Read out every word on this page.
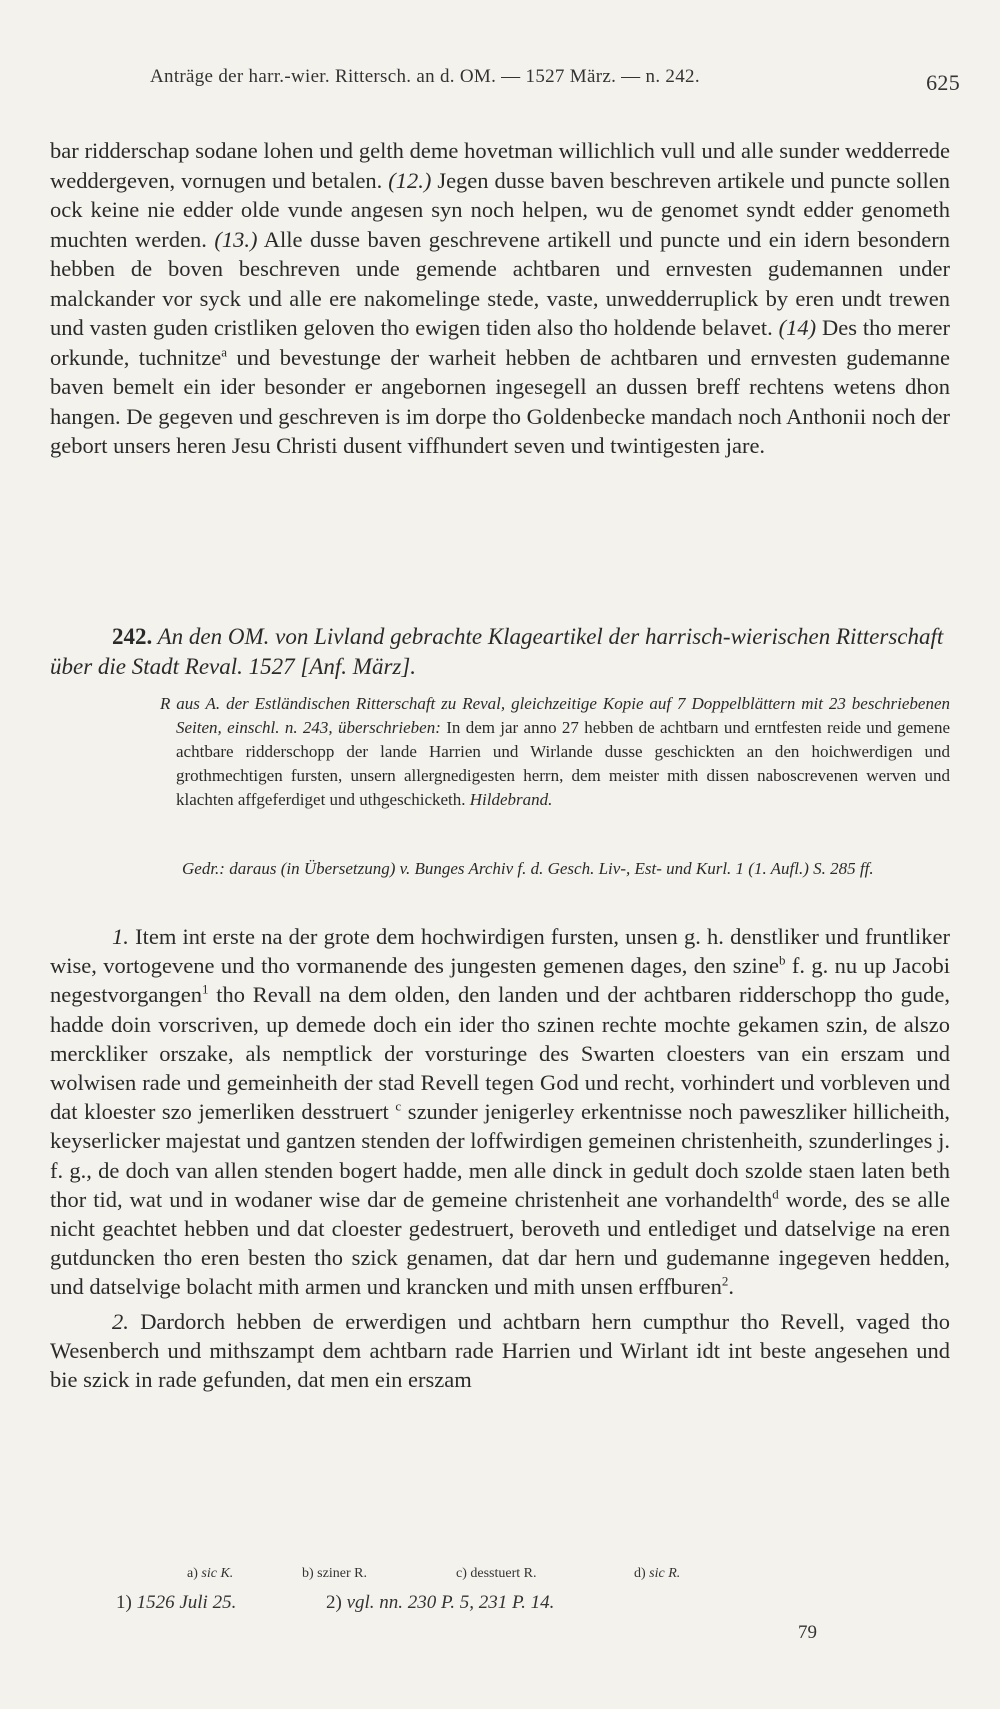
Anträge der harr.-wier. Rittersch. an d. OM. — 1527 März. — n. 242.	625

bar ridderschap sodane lohen und gelth deme hovetman willichlich vull und alle sunder wedderrede weddergeven, vornugen und betalen. (12.) Jegen dusse baven beschreven artikele und puncte sollen ock keine nie edder olde vunde angesen syn noch helpen, wu de genomet syndt edder genometh muchten werden. (13.) Alle dusse baven geschrevene artikell und puncte und ein idern besondern hebben de boven beschreven unde gemende achtbaren und ernvesten gudemannen under malckander vor syck und alle ere nakomelinge stede, vaste, unwedderruplick by eren undt trewen und vasten guden cristliken geloven tho ewigen tiden also tho holdende belavet. (14) Des tho merer orkunde, tuchnitze$^a$ und bevestunge der warheit hebben de achtbaren und ernvesten gudemanne baven bemelt ein ider besonder er angebornen ingesegell an dussen breff rechtens wetens dhon hangen. De gegeven und geschreven is im dorpe tho Goldenbecke mandach noch Anthonii noch der gebort unsers heren Jesu Christi dusent viffhundert seven und twintigesten jare.

242. An den OM. von Livland gebrachte Klageartikel der harrisch-wierischen Ritterschaft über die Stadt Reval. 1527 [Anf. März].
R aus A. der Estländischen Ritterschaft zu Reval, gleichzeitige Kopie auf 7 Doppelblättern mit 23 beschriebenen Seiten, einschl. n. 243, überschrieben: In dem jar anno 27 hebben de achtbarn und erntfesten reide und gemene achtbare ridderschopp der lande Harrien und Wirlande dusse geschickten an den hoichwerdigen und grothmechtigen fursten, unsern allergnedigesten herrn, dem meister mith dissen naboscrevenen werven und klachten affgeferdiget und uthgeschicketh. Hildebrand.
Gedr.: daraus (in Übersetzung) v. Bunges Archiv f. d. Gesch. Liv-, Est- und Kurl. 1 (1. Aufl.) S. 285 ff.

1. Item int erste na der grote dem hochwirdigen fursten, unsen g. h. denstliker und fruntliker wise, vortogevene und tho vormanende des jungesten gemenen dages, den szine$^b$ f. g. nu up Jacobi negestvorgangen$^1$ tho Revall na dem olden, den landen und der achtbaren ridderschopp tho gude, hadde doin vorscriven, up demede doch ein ider tho szinen rechte mochte gekamen szin, de alszo merckliker orszake, als nemptlick der vorsturinge des Swarten cloesters van ein erszam und wolwisen rade und gemeinheith der stad Revell tegen God und recht, vorhindert und vorbleven und dat kloester szo jemerliken desstruert $^c$ szunder jenigerley erkentnisse noch paweszliker hillicheith, keyserlicker majestat und gantzen stenden der loffwirdigen gemeinen christenheith, szunderlinges j. f. g., de doch van allen stenden bogert hadde, men alle dinck in gedult doch szolde staen laten beth thor tid, wat und in wodaner wise dar de gemeine christenheit ane vorhandelth$^d$ worde, des se alle nicht geachtet hebben und dat cloester gedestruert, beroveth und entlediget und datselvige na eren gutduncken tho eren besten tho szick genamen, dat dar hern und gudemanne ingegeven hedden, und datselvige bolacht mith armen und krancken und mith unsen erffburen$^2$.

2. Dardorch hebben de erwerdigen und achtbarn hern cumpthur tho Revell, vaged tho Wesenberch und mithszampt dem achtbarn rade Harrien und Wirlant idt int beste angesehen und bie szick in rade gefunden, dat men ein erszam

a) sic K.	b) sziner R.	c) desstuert R.	d) sic R.
1) 1526 Juli 25.	2) vgl. nn. 230 P. 5, 231 P. 14.
79
